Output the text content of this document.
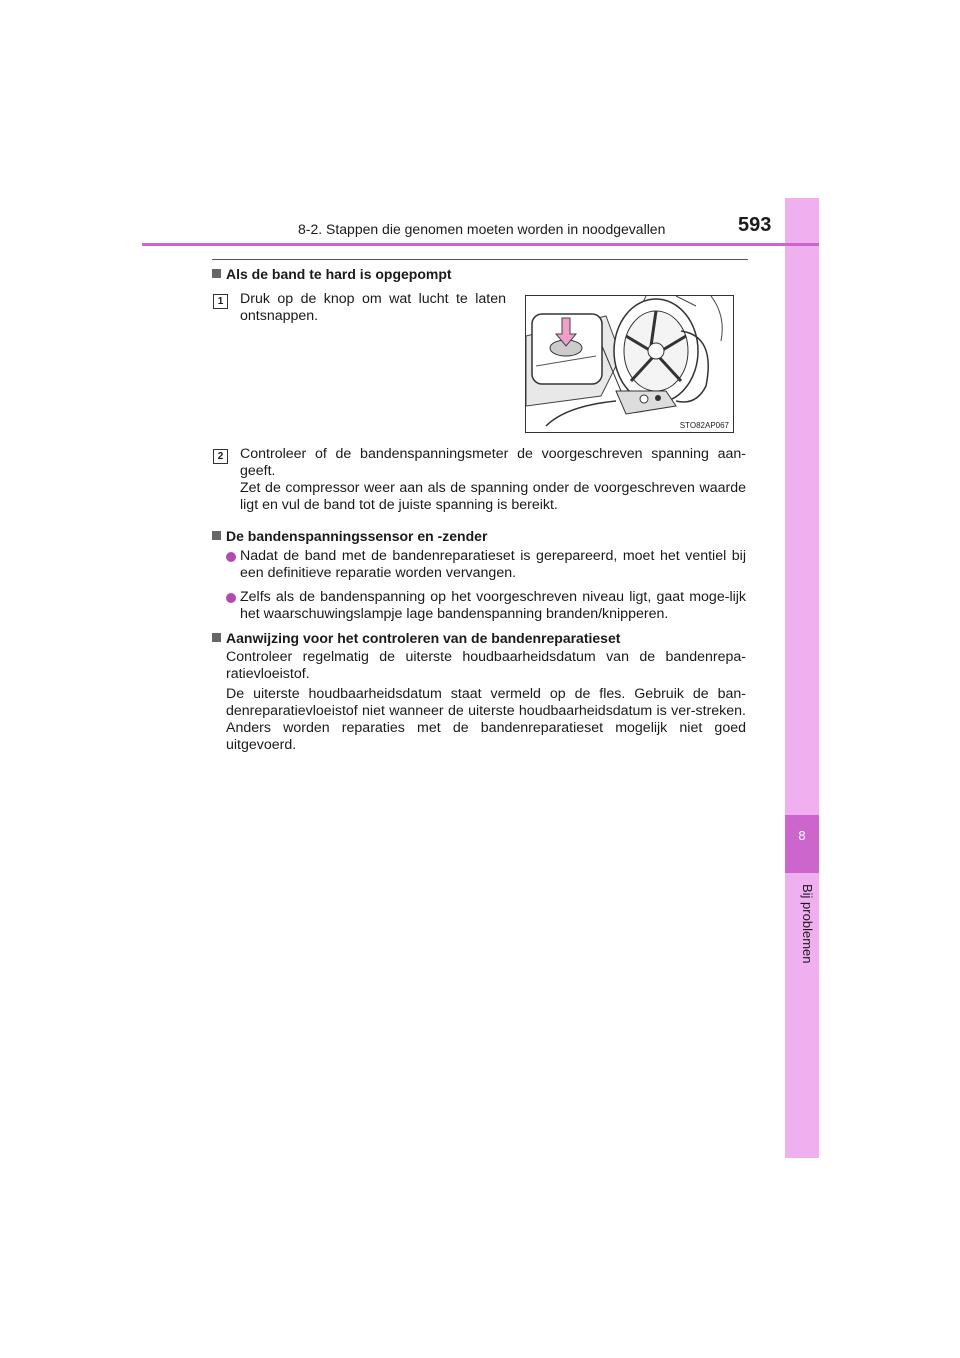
8
Bij problemen
8-2. Stappen die genomen moeten worden in noodgevallen	593
Als de band te hard is opgepompt
1	Druk op de knop om wat lucht te laten
ontsnappen.
STO82AP067
2	Controleer of de bandenspanningsmeter de voorgeschreven spanning aan-geeft.
Zet de compressor weer aan als de spanning onder de voorgeschreven waarde ligt en vul de band tot de juiste spanning is bereikt.
De bandenspanningssensor en -zender
Nadat de band met de bandenreparatieset is gerepareerd, moet het ventiel bij een definitieve reparatie worden vervangen.
Zelfs als de bandenspanning op het voorgeschreven niveau ligt, gaat moge-lijk het waarschuwingslampje lage bandenspanning branden/knipperen.
Aanwijzing voor het controleren van de bandenreparatieset
Controleer regelmatig de uiterste houdbaarheidsdatum van de bandenrepa-ratievloeistof.
De uiterste houdbaarheidsdatum staat vermeld op de fles. Gebruik de ban-denreparatievloeistof niet wanneer de uiterste houdbaarheidsdatum is ver-streken. Anders worden reparaties met de bandenreparatieset mogelijk niet goed uitgevoerd.
